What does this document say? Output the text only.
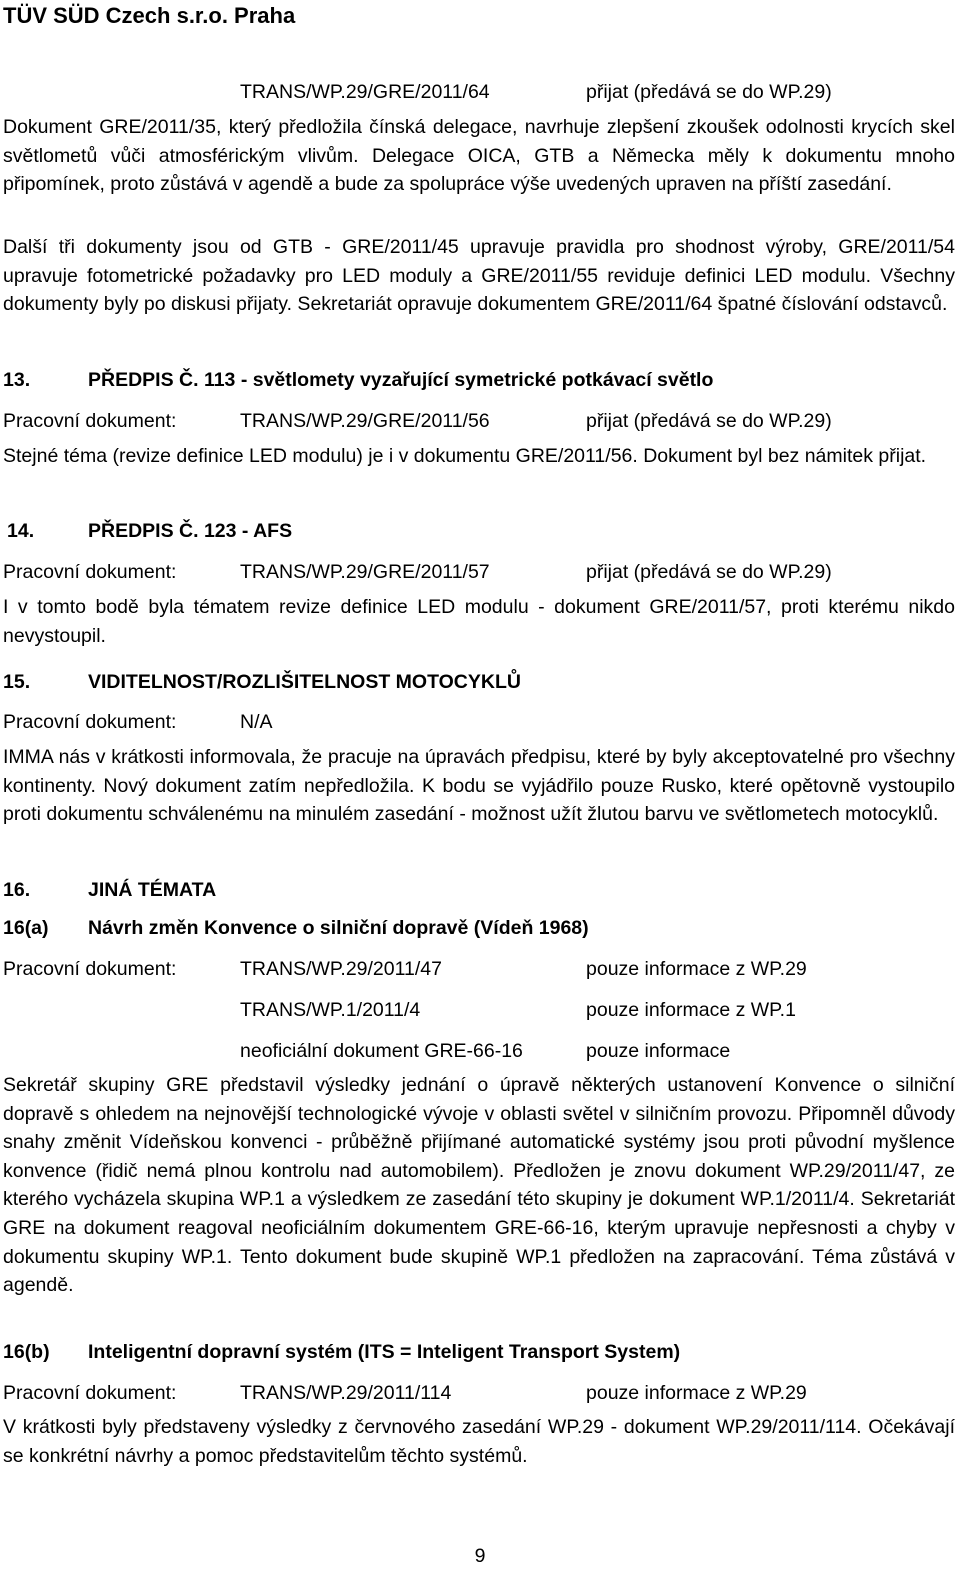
TÜV SÜD Czech s.r.o. Praha
TRANS/WP.29/GRE/2011/64	přijat (předává se do WP.29)
Dokument GRE/2011/35, který předložila čínská delegace, navrhuje zlepšení zkoušek odolnosti krycích skel světlometů vůči atmosférickým vlivům. Delegace OICA, GTB a Německa měly k dokumentu mnoho připomínek, proto zůstává v agendě a bude za spolupráce výše uvedených upraven na příští zasedání.
Další tři dokumenty jsou od GTB - GRE/2011/45 upravuje pravidla pro shodnost výroby, GRE/2011/54 upravuje fotometrické požadavky pro LED moduly a GRE/2011/55 reviduje definici LED modulu. Všechny dokumenty byly po diskusi přijaty. Sekretariát opravuje dokumentem GRE/2011/64 špatné číslování odstavců.
13.	PŘEDPIS Č. 113 - světlomety vyzařující symetrické potkávací světlo
Pracovní dokument:	TRANS/WP.29/GRE/2011/56	přijat (předává se do WP.29)
Stejné téma (revize definice LED modulu) je i v dokumentu GRE/2011/56. Dokument byl bez námitek přijat.
14.	PŘEDPIS Č. 123 - AFS
Pracovní dokument:	TRANS/WP.29/GRE/2011/57	přijat (předává se do WP.29)
I v tomto bodě byla tématem revize definice LED modulu - dokument GRE/2011/57, proti kterému nikdo nevystoupil.
15.	VIDITELNOST/ROZLIŠITELNOST MOTOCYKLŮ
Pracovní dokument:	N/A
IMMA nás v krátkosti informovala, že pracuje na úpravách předpisu, které by byly akceptovatelné pro všechny kontinenty. Nový dokument zatím nepředložila. K bodu se vyjádřilo pouze Rusko, které opětovně vystoupilo proti dokumentu schválenému na minulém zasedání - možnost užít žlutou barvu ve světlometech motocyklů.
16.	JINÁ TÉMATA
16(a) Návrh změn Konvence o silniční dopravě (Vídeň 1968)
Pracovní dokument:	TRANS/WP.29/2011/47	pouze informace z WP.29
TRANS/WP.1/2011/4	pouze informace z WP.1
neoficiální dokument GRE-66-16	pouze informace
Sekretář skupiny GRE představil výsledky jednání o úpravě některých ustanovení Konvence o silniční dopravě s ohledem na nejnovější technologické vývoje v oblasti světel v silničním provozu. Připomněl důvody snahy změnit Vídeňskou konvenci - průběžně přijímané automatické systémy jsou proti původní myšlence konvence (řidič nemá plnou kontrolu nad automobilem). Předložen je znovu dokument WP.29/2011/47, ze kterého vycházela skupina WP.1 a výsledkem ze zasedání této skupiny je dokument WP.1/2011/4. Sekretariát GRE na dokument reagoval neoficiálním dokumentem GRE-66-16, kterým upravuje nepřesnosti a chyby v dokumentu skupiny WP.1. Tento dokument bude skupině WP.1 předložen na zapracování. Téma zůstává v agendě.
16(b) Inteligentní dopravní systém (ITS = Inteligent Transport System)
Pracovní dokument:	TRANS/WP.29/2011/114	pouze informace z WP.29
V krátkosti byly představeny výsledky z červnového zasedání WP.29 - dokument WP.29/2011/114. Očekávají se konkrétní návrhy a pomoc představitelům těchto systémů.
9
